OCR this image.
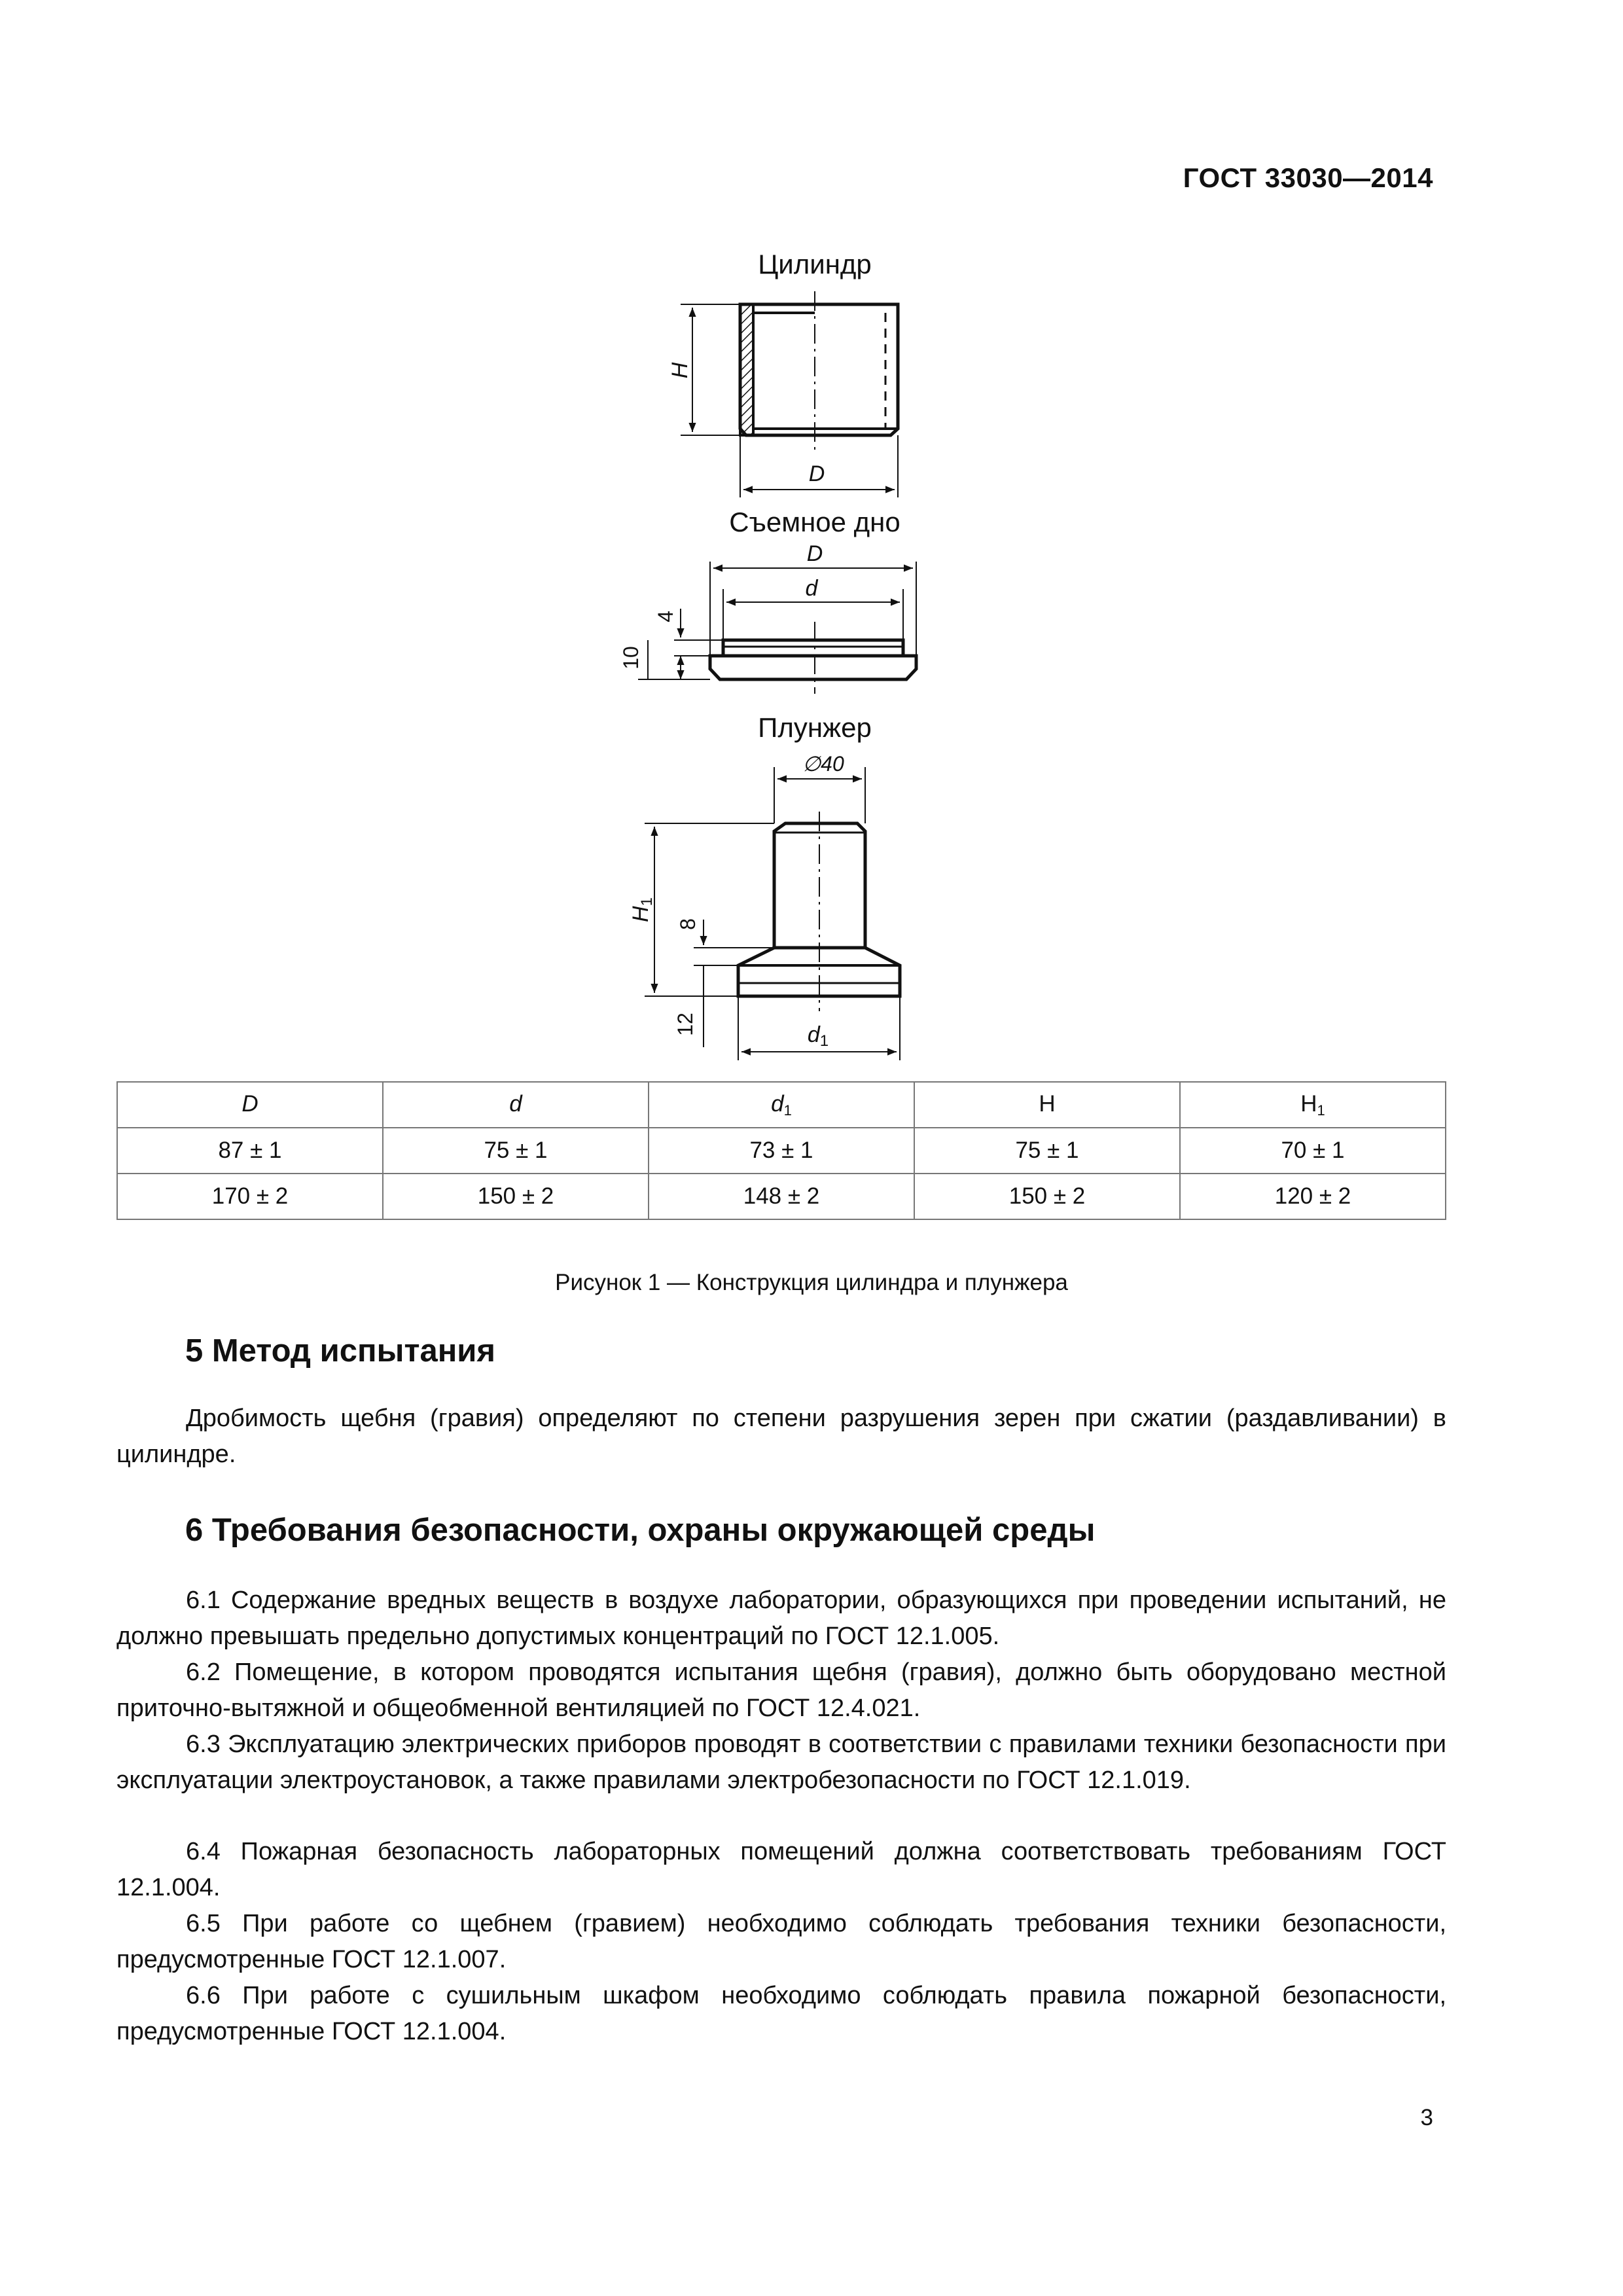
ГОСТ 33030—2014
Цилиндр
H
D
Съемное дно
D
d
4
10
Плунжер
∅40
H1
8
12	d1
D	d	$d_1$	H	$H_1$
87 ± 1	75 ± 1	73 ± 1	75 ± 1	70 ± 1
170 ± 2	150 ± 2	148 ± 2	150 ± 2	120 ± 2
Рисунок 1 — Конструкция цилиндра и плунжера
5 Метод испытания
Дробимость щебня (гравия) определяют по степени разрушения зерен при сжатии (раздавливании) в цилиндре.
6 Требования безопасности, охраны окружающей среды
6.1 Содержание вредных веществ в воздухе лаборатории, образующихся при проведении испытаний, не должно превышать предельно допустимых концентраций по ГОСТ 12.1.005.
6.2 Помещение, в котором проводятся испытания щебня (гравия), должно быть оборудовано местной приточно-вытяжной и общеобменной вентиляцией по ГОСТ 12.4.021.
6.3 Эксплуатацию электрических приборов проводят в соответствии с правилами техники безопасности при эксплуатации электроустановок, а также правилами электробезопасности по ГОСТ 12.1.019.
6.4 Пожарная безопасность лабораторных помещений должна соответствовать требованиям ГОСТ 12.1.004.
6.5 При работе со щебнем (гравием) необходимо соблюдать требования техники безопасности, предусмотренные ГОСТ 12.1.007.
6.6 При работе с сушильным шкафом необходимо соблюдать правила пожарной безопасности, предусмотренные ГОСТ 12.1.004.
3
